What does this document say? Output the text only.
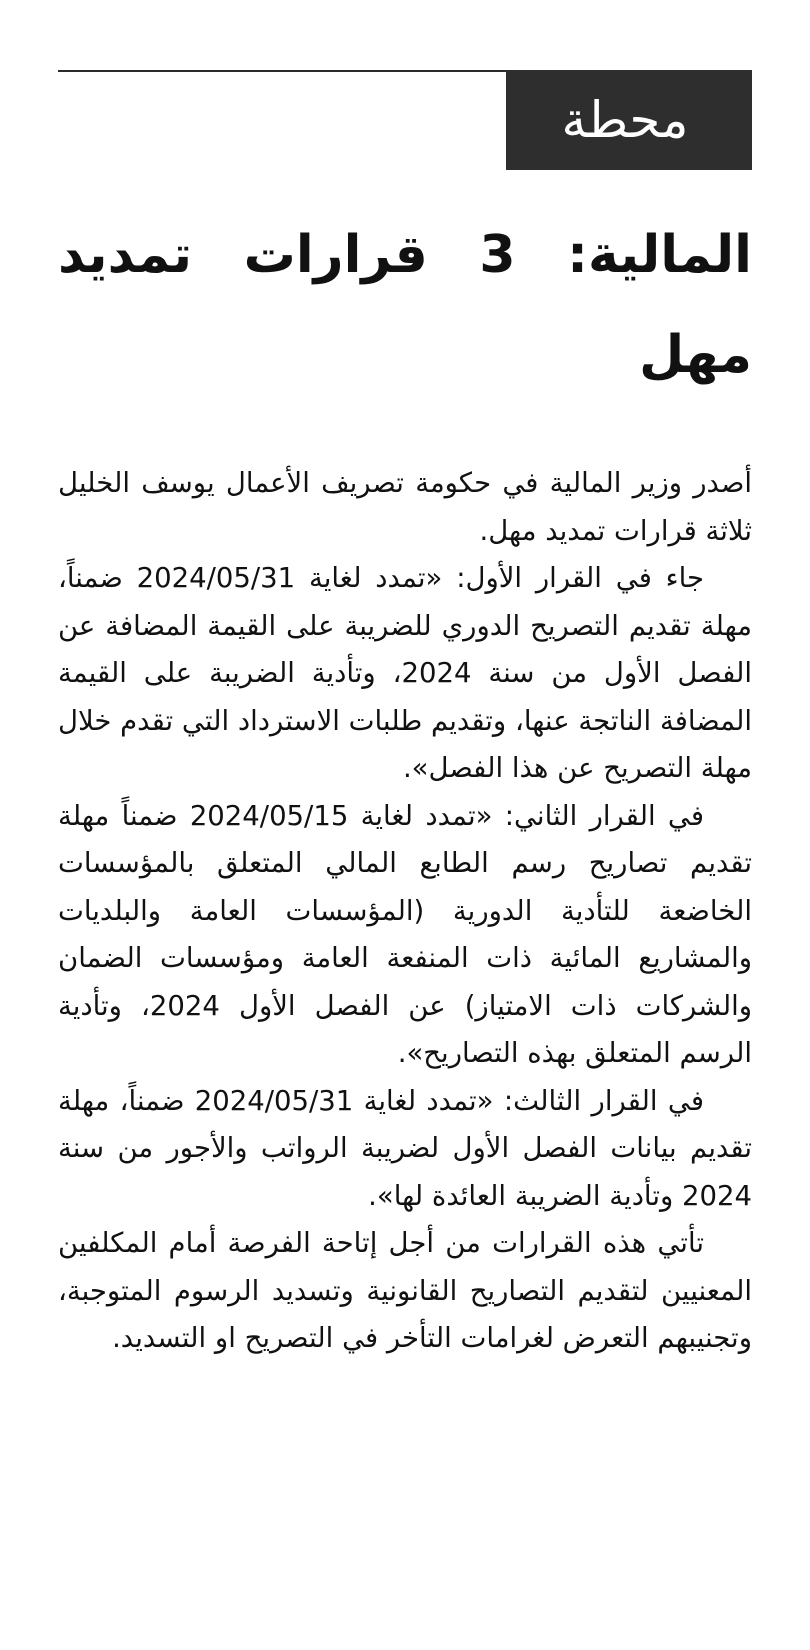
محطة
المالية: 3 قرارات تمديد مهل

أصدر وزير المالية في حكومة تصريف الأعمال يوسف الخليل ثلاثة قرارات تمديد مهل.

جاء في القرار الأول: «تمدد لغاية 2024/05/31 ضمناً، مهلة تقديم التصريح الدوري للضريبة على القيمة المضافة عن الفصل الأول من سنة 2024، وتأدية الضريبة على القيمة المضافة الناتجة عنها، وتقديم طلبات الاسترداد التي تقدم خلال مهلة التصريح عن هذا الفصل».

في القرار الثاني: «تمدد لغاية 2024/05/15 ضمناً مهلة تقديم تصاريح رسم الطابع المالي المتعلق بالمؤسسات الخاضعة للتأدية الدورية (المؤسسات العامة والبلديات والمشاريع المائية ذات المنفعة العامة ومؤسسات الضمان والشركات ذات الامتياز) عن الفصل الأول 2024، وتأدية الرسم المتعلق بهذه التصاريح».

في القرار الثالث: «تمدد لغاية 2024/05/31 ضمناً، مهلة تقديم بيانات الفصل الأول لضريبة الرواتب والأجور من سنة 2024 وتأدية الضريبة العائدة لها».

تأتي هذه القرارات من أجل إتاحة الفرصة أمام المكلفين المعنيين لتقديم التصاريح القانونية وتسديد الرسوم المتوجبة، وتجنيبهم التعرض لغرامات التأخر في التصريح او التسديد.
